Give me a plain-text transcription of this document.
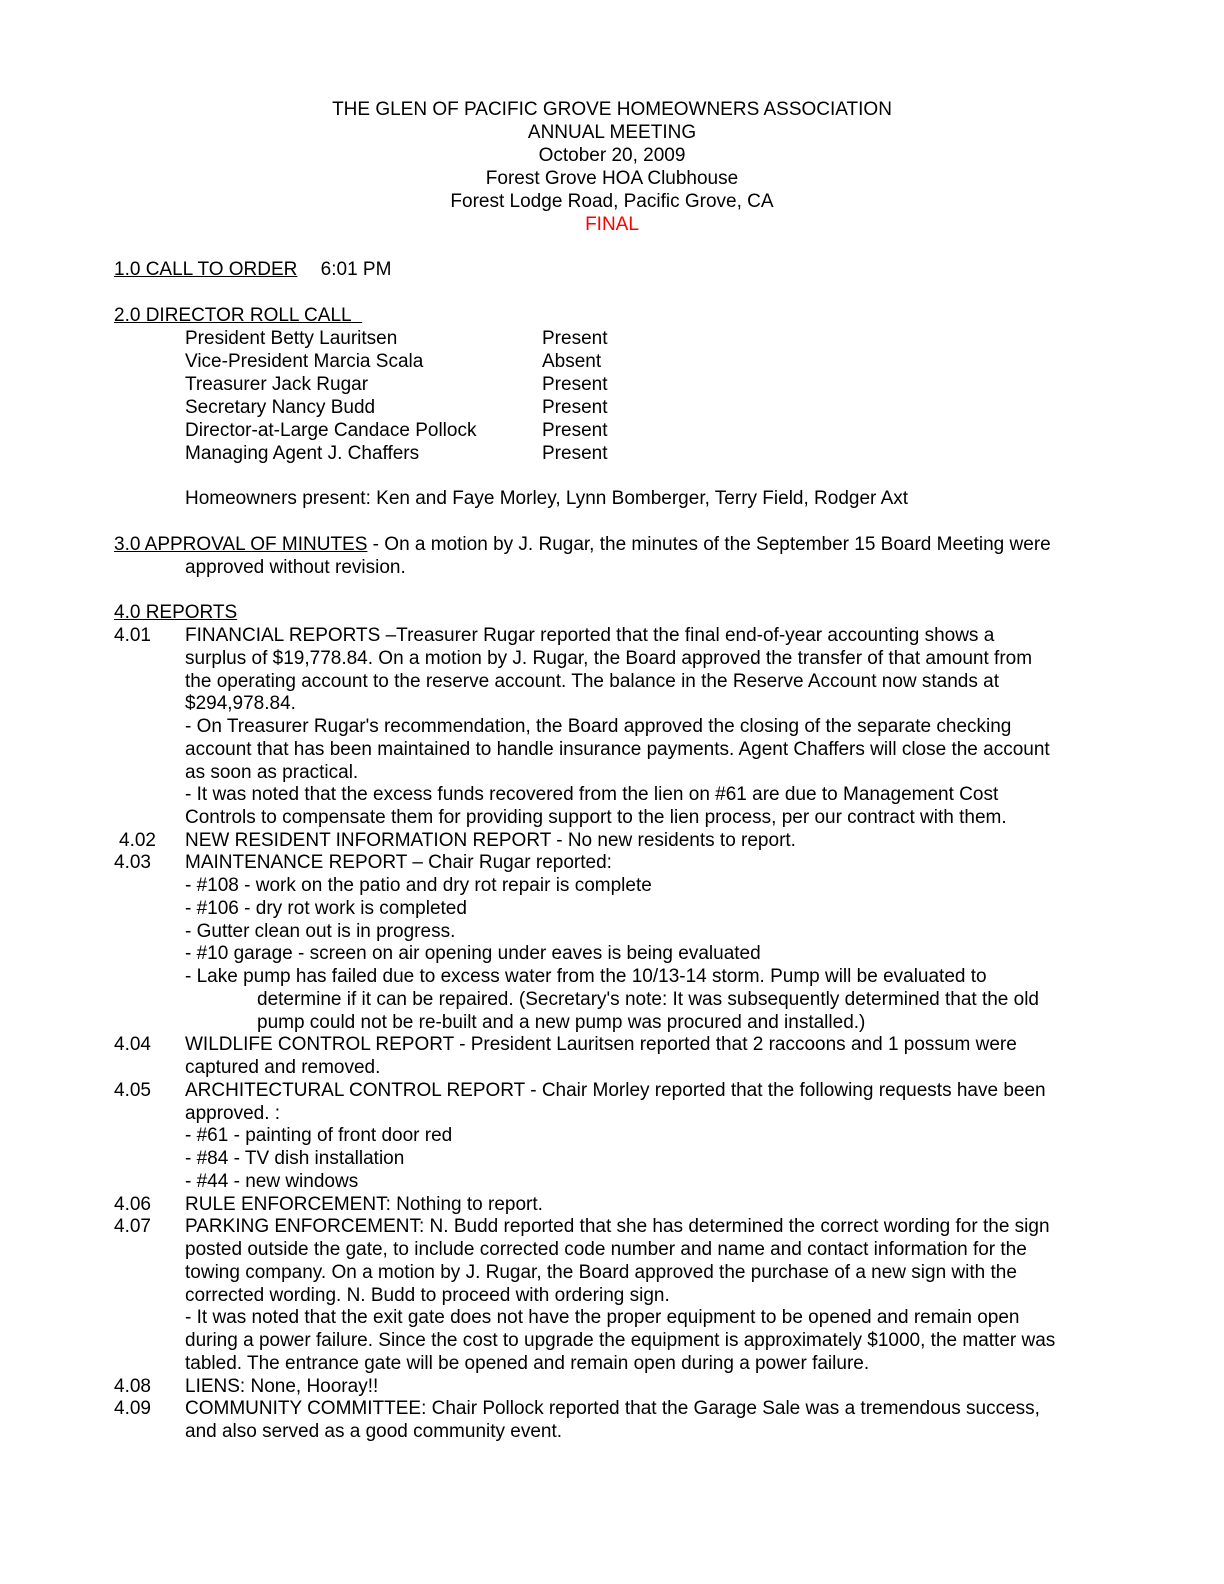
THE GLEN OF PACIFIC GROVE HOMEOWNERS ASSOCIATION
ANNUAL MEETING
October 20, 2009
Forest Grove HOA Clubhouse
Forest Lodge Road, Pacific Grove, CA
FINAL
1.0 CALL TO ORDER 6:01 PM
2.0 DIRECTOR ROLL CALL
President Betty Lauritsen	Present
Vice-President Marcia Scala	Absent
Treasurer Jack Rugar	Present
Secretary Nancy Budd	Present
Director-at-Large Candace Pollock	Present
Managing Agent J. Chaffers	Present
Homeowners present: Ken and Faye Morley, Lynn Bomberger, Terry Field, Rodger Axt
3.0 APPROVAL OF MINUTES - On a motion by J. Rugar, the minutes of the September 15 Board Meeting were
approved without revision.
4.0 REPORTS
4.01 FINANCIAL REPORTS –Treasurer Rugar reported that the final end-of-year accounting shows a
surplus of $19,778.84. On a motion by J. Rugar, the Board approved the transfer of that amount from
the operating account to the reserve account. The balance in the Reserve Account now stands at
$294,978.84.
- On Treasurer Rugar's recommendation, the Board approved the closing of the separate checking
account that has been maintained to handle insurance payments. Agent Chaffers will close the account
as soon as practical.
- It was noted that the excess funds recovered from the lien on #61 are due to Management Cost
Controls to compensate them for providing support to the lien process, per our contract with them.
4.02 NEW RESIDENT INFORMATION REPORT - No new residents to report.
4.03 MAINTENANCE REPORT – Chair Rugar reported:
- #108 - work on the patio and dry rot repair is complete
- #106 - dry rot work is completed
- Gutter clean out is in progress.
- #10 garage - screen on air opening under eaves is being evaluated
- Lake pump has failed due to excess water from the 10/13-14 storm. Pump will be evaluated to
determine if it can be repaired. (Secretary's note: It was subsequently determined that the old
pump could not be re-built and a new pump was procured and installed.)
4.04 WILDLIFE CONTROL REPORT - President Lauritsen reported that 2 raccoons and 1 possum were
captured and removed.
4.05 ARCHITECTURAL CONTROL REPORT - Chair Morley reported that the following requests have been
approved. :
- #61 - painting of front door red
- #84 - TV dish installation
- #44 - new windows
4.06 RULE ENFORCEMENT: Nothing to report.
4.07 PARKING ENFORCEMENT: N. Budd reported that she has determined the correct wording for the sign
posted outside the gate, to include corrected code number and name and contact information for the
towing company. On a motion by J. Rugar, the Board approved the purchase of a new sign with the
corrected wording. N. Budd to proceed with ordering sign.
- It was noted that the exit gate does not have the proper equipment to be opened and remain open
during a power failure. Since the cost to upgrade the equipment is approximately $1000, the matter was
tabled. The entrance gate will be opened and remain open during a power failure.
4.08 LIENS: None, Hooray!!
4.09 COMMUNITY COMMITTEE: Chair Pollock reported that the Garage Sale was a tremendous success,
and also served as a good community event.
